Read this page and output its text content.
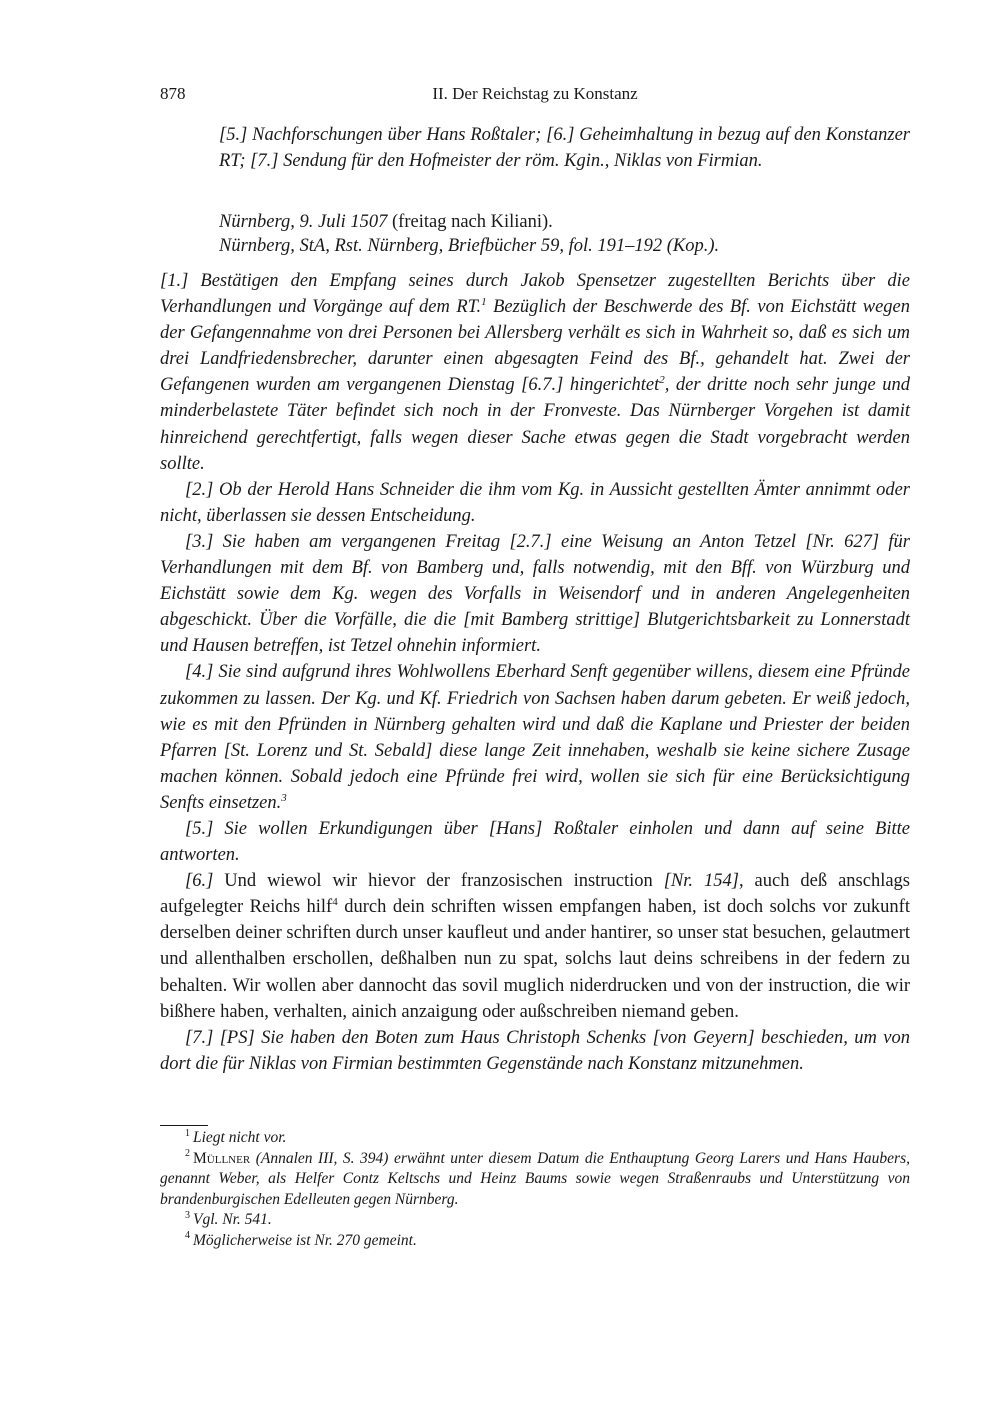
878	II. Der Reichstag zu Konstanz
[5.] Nachforschungen über Hans Roßtaler; [6.] Geheimhaltung in bezug auf den Konstanzer RT; [7.] Sendung für den Hofmeister der röm. Kgin., Niklas von Firmian.
Nürnberg, 9. Juli 1507 (freitag nach Kiliani).
Nürnberg, StA, Rst. Nürnberg, Briefbücher 59, fol. 191–192 (Kop.).

[1.] Bestätigen den Empfang seines durch Jakob Spensetzer zugestellten Berichts über die Verhandlungen und Vorgänge auf dem RT.$^1$ Bezüglich der Beschwerde des Bf. von Eichstätt wegen der Gefangennahme von drei Personen bei Allersberg verhält es sich in Wahrheit so, daß es sich um drei Landfriedensbrecher, darunter einen abgesagten Feind des Bf., gehandelt hat. Zwei der Gefangenen wurden am vergangenen Dienstag [6.7.] hingerichtet$^2$, der dritte noch sehr junge und minderbelastete Täter befindet sich noch in der Fronveste. Das Nürnberger Vorgehen ist damit hinreichend gerechtfertigt, falls wegen dieser Sache etwas gegen die Stadt vorgebracht werden sollte.

[2.] Ob der Herold Hans Schneider die ihm vom Kg. in Aussicht gestellten Ämter annimmt oder nicht, überlassen sie dessen Entscheidung.

[3.] Sie haben am vergangenen Freitag [2.7.] eine Weisung an Anton Tetzel [Nr. 627] für Verhandlungen mit dem Bf. von Bamberg und, falls notwendig, mit den Bff. von Würzburg und Eichstätt sowie dem Kg. wegen des Vorfalls in Weisendorf und in anderen Angelegenheiten abgeschickt. Über die Vorfälle, die die [mit Bamberg strittige] Blutgerichtsbarkeit zu Lonnerstadt und Hausen betreffen, ist Tetzel ohnehin informiert.

[4.] Sie sind aufgrund ihres Wohlwollens Eberhard Senft gegenüber willens, diesem eine Pfründe zukommen zu lassen. Der Kg. und Kf. Friedrich von Sachsen haben darum gebeten. Er weiß jedoch, wie es mit den Pfründen in Nürnberg gehalten wird und daß die Kaplane und Priester der beiden Pfarren [St. Lorenz und St. Sebald] diese lange Zeit innehaben, weshalb sie keine sichere Zusage machen können. Sobald jedoch eine Pfründe frei wird, wollen sie sich für eine Berücksichtigung Senfts einsetzen.$^3$

[5.] Sie wollen Erkundigungen über [Hans] Roßtaler einholen und dann auf seine Bitte antworten.

[6.] Und wiewol wir hievor der franzosischen instruction [Nr. 154], auch deß anschlags aufgelegter Reichs hilf$^4$ durch dein schriften wissen empfangen haben, ist doch solchs vor zukunft derselben deiner schriften durch unser kaufleut und ander hantirer, so unser stat besuchen, gelautmert und allenthalben erschollen, deßhalben nun zu spat, solchs laut deins schreibens in der federn zu behalten. Wir wollen aber dannocht das sovil muglich niderdrucken und von der instruction, die wir bißhere haben, verhalten, ainich anzaigung oder außschreiben niemand geben.

[7.] [PS] Sie haben den Boten zum Haus Christoph Schenks [von Geyern] beschieden, um von dort die für Niklas von Firmian bestimmten Gegenstände nach Konstanz mitzunehmen.

$^1$ Liegt nicht vor.

$^2$ Müllner (Annalen III, S. 394) erwähnt unter diesem Datum die Enthauptung Georg Larers und Hans Haubers, genannt Weber, als Helfer Contz Keltschs und Heinz Baums sowie wegen Straßenraubs und Unterstützung von brandenburgischen Edelleuten gegen Nürnberg.

$^3$ Vgl. Nr. 541.

$^4$ Möglicherweise ist Nr. 270 gemeint.
